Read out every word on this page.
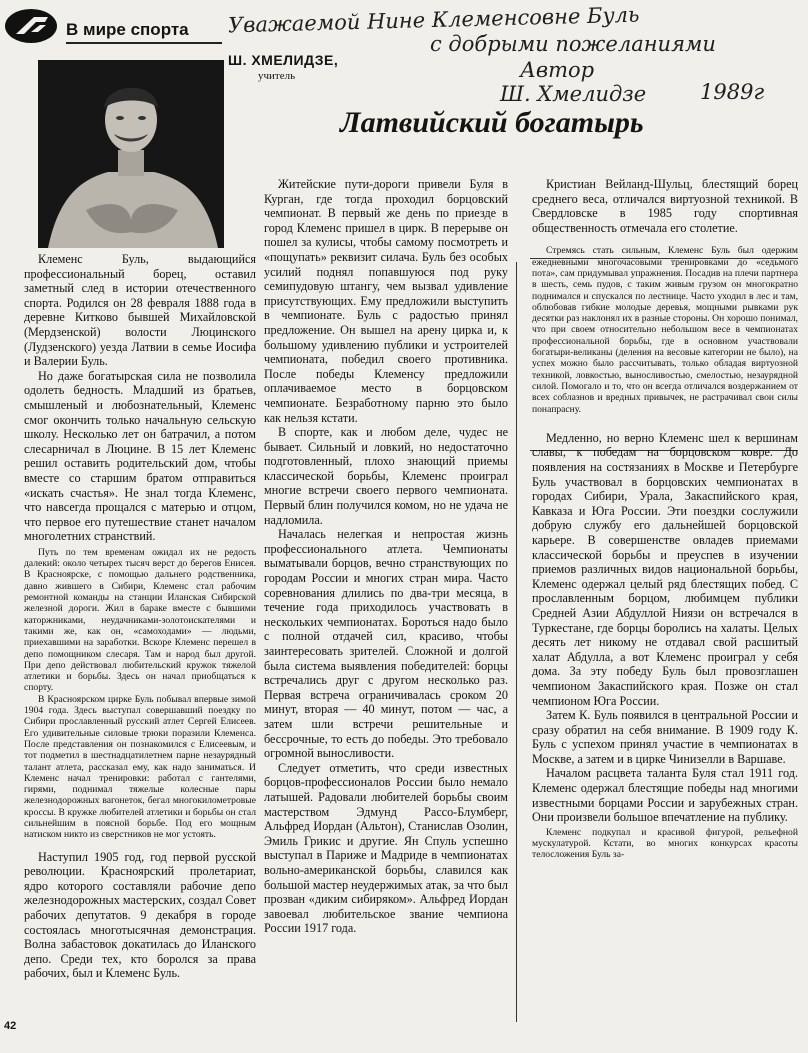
В мире спорта Уважаемой Нине Клеменсовне Буль
с добрыми пожеланиями
Автор
Ш. Хмелидзе	1989г
Ш. ХМЕЛИДЗЕ,
учитель
Латвийский богатырь

Клеменс Буль, выдающийся профессиональный борец, оставил заметный след в истории отечественного спорта. Родился он 28 февраля 1888 года в деревне Китково бывшей Михайловской (Мердзенской) волости Люцинского (Лудзенского) уезда Латвии в семье Иосифа и Валерии Буль.

Но даже богатырская сила не позволила одолеть бедность. Младший из братьев, смышленый и любознательный, Клеменс смог окончить только начальную сельскую школу. Несколько лет он батрачил, а потом слесарничал в Люцине. В 15 лет Клеменс решил оставить родительский дом, чтобы вместе со старшим братом отправиться «искать счастья». Не знал тогда Клеменс, что навсегда прощался с матерью и отцом, что первое его путешествие станет началом многолетних странствий.

Путь по тем временам ожидал их не редость далекий: около четырех тысяч верст до берегов Енисея. В Красноярске, с помощью дальнего родственника, давно жившего в Сибири, Клеменс стал рабочим ремонтной команды на станции Иланская Сибирской железной дороги. Жил в бараке вместе с бывшими каторжниками, неудачниками-золотоискателями и такими же, как он, «самоходами» — людьми, приехавшими на заработки. Вскоре Клеменс перешел в депо помощником слесаря. Там и народ был другой. При депо действовал любительский кружок тяжелой атлетики и борьбы. Здесь он начал приобщаться к спорту.

В Красноярском цирке Буль побывал впервые зимой 1904 года. Здесь выступал совершавший поездку по Сибири прославленный русский атлет Сергей Елисеев. Его удивительные силовые трюки поразили Клеменса. После представления он познакомился с Елисеевым, и тот подметил в шестнадцатилетнем парне незаурядный талант атлета, рассказал ему, как надо заниматься. И Клеменс начал тренировки: работал с гантелями, гирями, поднимал тяжелые колесные пары железнодорожных вагонеток, бегал многокилометровые кроссы. В кружке любителей атлетики и борьбы он стал сильнейшим в поясной борьбе. Под его мощным натиском никто из сверстников не мог устоять.

Наступил 1905 год, год первой русской революции. Красноярский пролетариат, ядро которого составляли рабочие депо железнодорожных мастерских, создал Совет рабочих депутатов. 9 декабря в городе состоялась многотысячная демонстрация. Волна забастовок докатилась до Иланского депо. Среди тех, кто боролся за права рабочих, был и Клеменс Буль.

Житейские пути-дороги привели Буля в Курган, где тогда проходил борцовский чемпионат. В первый же день по приезде в город Клеменс пришел в цирк. В перерыве он пошел за кулисы, чтобы самому посмотреть и «пощупать» реквизит силача. Буль без особых усилий поднял попавшуюся под руку семипудовую штангу, чем вызвал удивление присутствующих. Ему предложили выступить в чемпионате. Буль с радостью принял предложение. Он вышел на арену цирка и, к большому удивлению публики и устроителей чемпионата, победил своего противника. После победы Клеменсу предложили оплачиваемое место в борцовском чемпионате. Безработному парню это было как нельзя кстати.

В спорте, как и любом деле, чудес не бывает. Сильный и ловкий, но недостаточно подготовленный, плохо знающий приемы классической борьбы, Клеменс проиграл многие встречи своего первого чемпионата. Первый блин получился комом, но не удача не надломила.

Началась нелегкая и непростая жизнь профессионального атлета. Чемпионаты выматывали борцов, вечно странствующих по городам России и многих стран мира. Часто соревнования длились по два-три месяца, в течение года приходилось участвовать в нескольких чемпионатах. Бороться надо было с полной отдачей сил, красиво, чтобы заинтересовать зрителей. Сложной и долгой была система выявления победителей: борцы встречались друг с другом несколько раз. Первая встреча ограничивалась сроком 20 минут, вторая — 40 минут, потом — час, а затем шли встречи решительные и бессрочные, то есть до победы. Это требовало огромной выносливости.

Следует отметить, что среди известных борцов-профессионалов России было немало латышей. Радовали любителей борьбы своим мастерством Эдмунд Рассо-Блумберг, Альфред Иордан (Альтон), Станислав Озолин, Эмиль Грикис и другие. Ян Спуль успешно выступал в Париже и Мадриде в чемпионатах вольно-американской борьбы, славился как большой мастер неудержимых атак, за что был прозван «диким сибиряком». Альфред Иордан завоевал любительское звание чемпиона России 1917 года.

Кристиан Вейланд-Шульц, блестящий борец среднего веса, отличался виртуозной техникой. В Свердловске в 1985 году спортивная общественность отмечала его столетие.

Стремясь стать сильным, Клеменс Буль был одержим ежедневными многочасовыми тренировками до «седьмого пота», сам придумывал упражнения. Посадив на плечи партнера в шесть, семь пудов, с таким живым грузом он многократно поднимался и спускался по лестнице. Часто уходил в лес и там, облюбовав гибкие молодые деревья, мощными рывками рук десятки раз наклонял их в разные стороны. Он хорошо понимал, что при своем относительно небольшом весе в чемпионатах профессиональной борьбы, где в основном участвовали богатыри-великаны (деления на весовые категории не было), на успех можно было рассчитывать, только обладая виртуозной техникой, ловкостью, выносливостью, смелостью, незаурядной силой. Помогало и то, что он всегда отличался воздержанием от всех соблазнов и вредных привычек, не растрачивал свои силы понапрасну.

Медленно, но верно Клеменс шел к вершинам славы, к победам на борцовском ковре. До появления на состязаниях в Москве и Петербурге Буль участвовал в борцовских чемпионатах в городах Сибири, Урала, Закаспийского края, Кавказа и Юга России. Эти поездки сослужили добрую службу его дальнейшей борцовской карьере. В совершенстве овладев приемами классической борьбы и преуспев в изучении приемов различных видов национальной борьбы, Клеменс одержал целый ряд блестящих побед. С прославленным борцом, любимцем публики Средней Азии Абдуллой Ниязи он встречался в Туркестане, где борцы боролись на халаты. Целых десять лет никому не отдавал свой расшитый халат Абдулла, а вот Клеменс проиграл у себя дома. За эту победу Буль был провозглашен чемпионом Закаспийского края. Позже он стал чемпионом Юга России.

Затем К. Буль появился в центральной России и сразу обратил на себя внимание. В 1909 году К. Буль с успехом принял участие в чемпионатах в Москве, а затем и в цирке Чинизелли в Варшаве.

Началом расцвета таланта Буля стал 1911 год. Клеменс одержал блестящие победы над многими известными борцами России и зарубежных стран. Они произвели большое впечатление на публику.

Клеменс подкупал и красивой фигурой, рельефной мускулатурой. Кстати, во многих конкурсах красоты телосложения Буль за-

42
